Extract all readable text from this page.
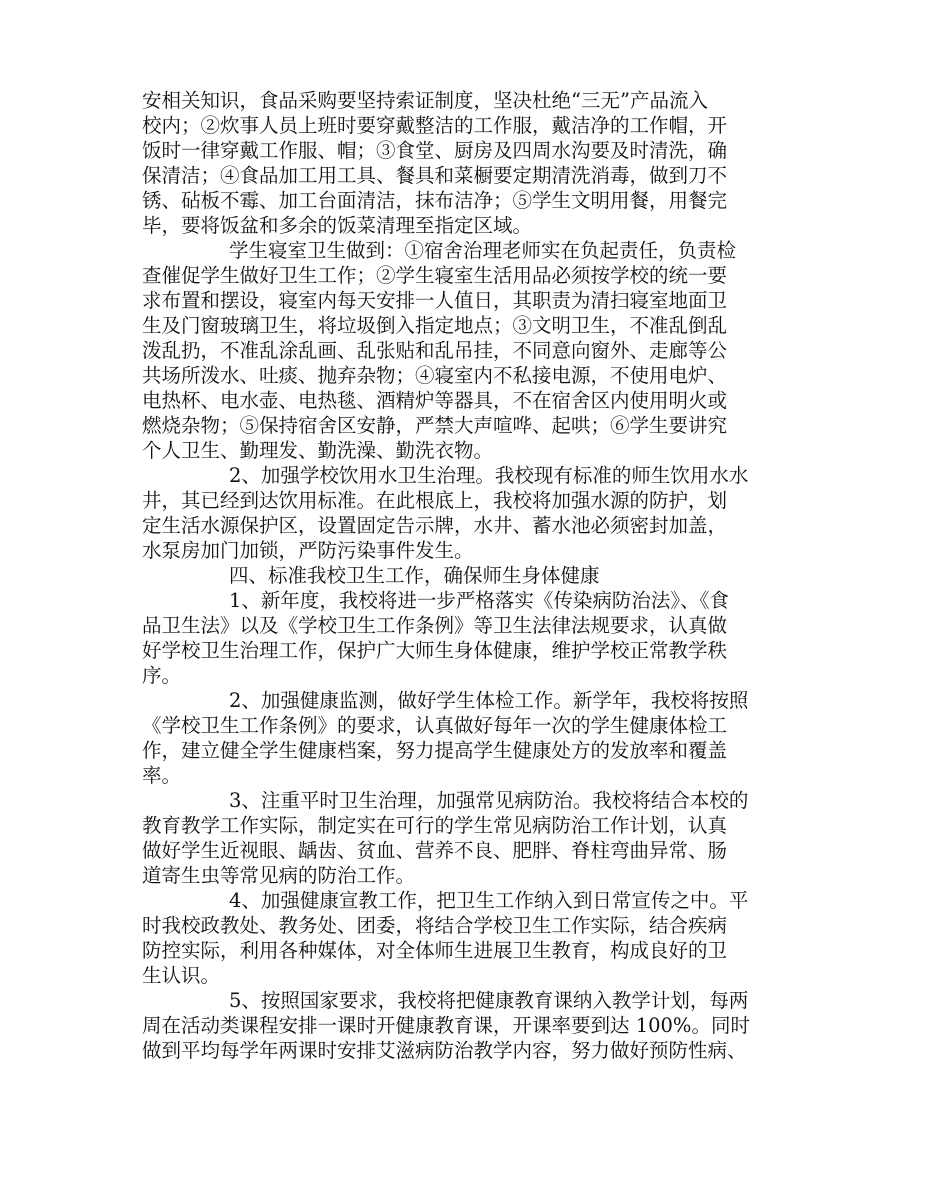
安相关知识，食品采购要坚持索证制度，坚决杜绝“三无”产品流入
校内；②炊事人员上班时要穿戴整洁的工作服，戴洁净的工作帽，开
饭时一律穿戴工作服、帽；③食堂、厨房及四周水沟要及时清洗，确
保清洁；④食品加工用工具、餐具和菜橱要定期清洗消毒，做到刀不
锈、砧板不霉、加工台面清洁，抹布洁净；⑤学生文明用餐，用餐完
毕，要将饭盆和多余的饭菜清理至指定区域。
学生寝室卫生做到：①宿舍治理老师实在负起责任，负责检
查催促学生做好卫生工作；②学生寝室生活用品必须按学校的统一要
求布置和摆设，寝室内每天安排一人值日，其职责为清扫寝室地面卫
生及门窗玻璃卫生，将垃圾倒入指定地点；③文明卫生，不准乱倒乱
泼乱扔，不准乱涂乱画、乱张贴和乱吊挂，不同意向窗外、走廊等公
共场所泼水、吐痰、抛弃杂物；④寝室内不私接电源，不使用电炉、
电热杯、电水壶、电热毯、酒精炉等器具，不在宿舍区内使用明火或
燃烧杂物；⑤保持宿舍区安静，严禁大声喧哗、起哄；⑥学生要讲究
个人卫生、勤理发、勤洗澡、勤洗衣物。
2、加强学校饮用水卫生治理。我校现有标准的师生饮用水水
井，其已经到达饮用标准。在此根底上，我校将加强水源的防护，划
定生活水源保护区，设置固定告示牌，水井、蓄水池必须密封加盖，
水泵房加门加锁，严防污染事件发生。
四、标准我校卫生工作，确保师生身体健康
1、新年度，我校将进一步严格落实《传染病防治法》、《食
品卫生法》以及《学校卫生工作条例》等卫生法律法规要求，认真做
好学校卫生治理工作，保护广大师生身体健康，维护学校正常教学秩
序。
2、加强健康监测，做好学生体检工作。新学年，我校将按照
《学校卫生工作条例》的要求，认真做好每年一次的学生健康体检工
作，建立健全学生健康档案，努力提高学生健康处方的发放率和覆盖
率。
3、注重平时卫生治理，加强常见病防治。我校将结合本校的
教育教学工作实际，制定实在可行的学生常见病防治工作计划，认真
做好学生近视眼、龋齿、贫血、营养不良、肥胖、脊柱弯曲异常、肠
道寄生虫等常见病的防治工作。
4、加强健康宣教工作，把卫生工作纳入到日常宣传之中。平
时我校政教处、教务处、团委，将结合学校卫生工作实际，结合疾病
防控实际，利用各种媒体，对全体师生进展卫生教育，构成良好的卫
生认识。
5、按照国家要求，我校将把健康教育课纳入教学计划，每两
周在活动类课程安排一课时开健康教育课，开课率要到达 100%。同时
做到平均每学年两课时安排艾滋病防治教学内容，努力做好预防性病、
